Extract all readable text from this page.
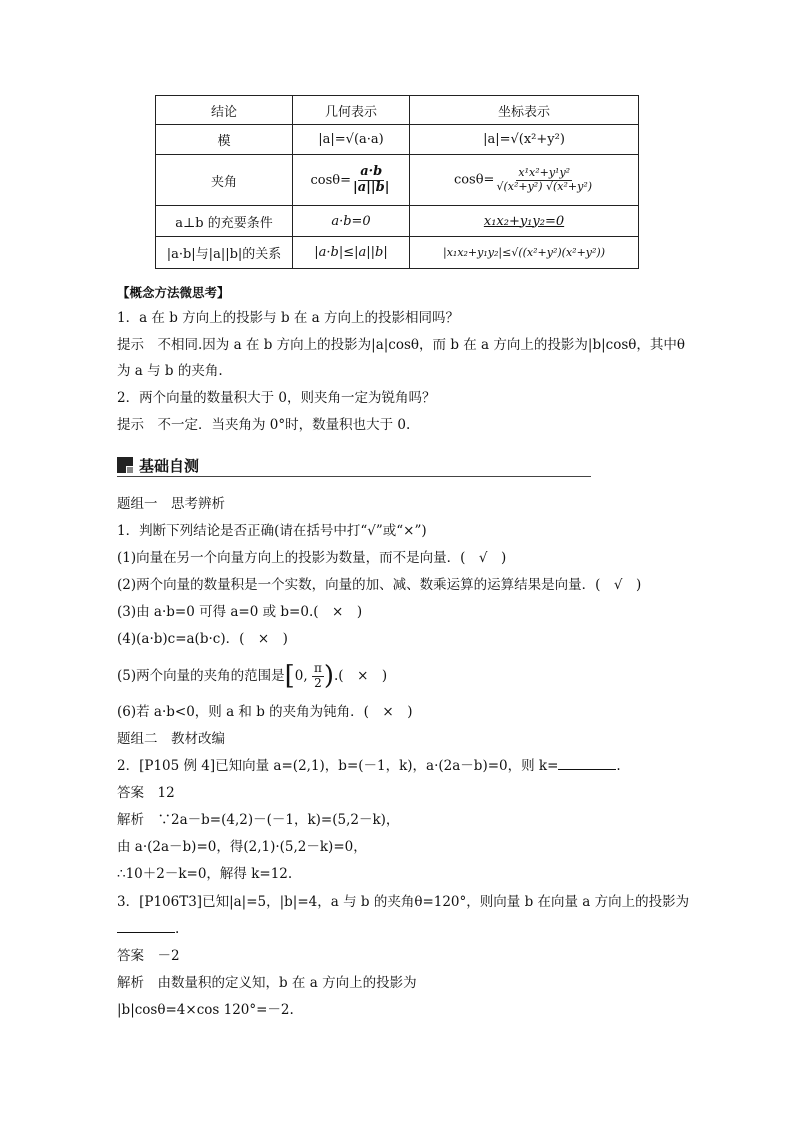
结论	几何表示	坐标表示
模	|a|=√(a·a)	|a|=√(x²+y²)
夹角	$\cos\theta= \frac{a\cdot b}{|a||b|}$	$\cos\theta= \frac{\text{x¹x²+y¹y²}}{\text{√(x²+y²) √(x²+y²)}}$

a⊥b 的充要条件	a·b=0	x₁x₂+y₁y₂=0
|a·b|与|a||b|的关系	|a·b|≤|a||b|	|x₁x₂+y₁y₂|≤√((x²+y²)(x²+y²))
【概念方法微思考】
1．a 在 b 方向上的投影与 b 在 a 方向上的投影相同吗？
提示　不相同.因为 a 在 b 方向上的投影为|a|cosθ，而 b 在 a 方向上的投影为|b|cosθ，其中θ
为 a 与 b 的夹角.
2．两个向量的数量积大于 0，则夹角一定为锐角吗？
提示　不一定．当夹角为 0°时，数量积也大于 0.
基础自测
题组一　思考辨析
1．判断下列结论是否正确(请在括号中打“√”或“×”)
(1)向量在另一个向量方向上的投影为数量，而不是向量．(　√　)
(2)两个向量的数量积是一个实数，向量的加、减、数乘运算的运算结果是向量．(　√　)
(3)由 a·b=0 可得 a=0 或 b=0.(　×　)
(4)(a·b)c=a(b·c)．(　×　)
(5)两个向量的夹角的范围是[0, $\frac{\pi}{2}$ ).(　×　)
(6)若 a·b<0，则 a 和 b 的夹角为钝角．(　×　)
题组二　教材改编
2．[P105 例 4]已知向量 a=(2,1)，b=(－1，k)，a·(2a－b)=0，则 k=	.
答案　12
解析　∵2a－b=(4,2)－(－1，k)=(5,2－k)，
由 a·(2a－b)=0，得(2,1)·(5,2－k)=0，
∴10＋2－k=0，解得 k=12.
3．[P106T3]已知|a|=5，|b|=4，a 与 b 的夹角θ=120°，则向量 b 在向量 a 方向上的投影为
.
答案　－2
解析　由数量积的定义知，b 在 a 方向上的投影为
|b|cosθ=4×cos 120°=－2.
